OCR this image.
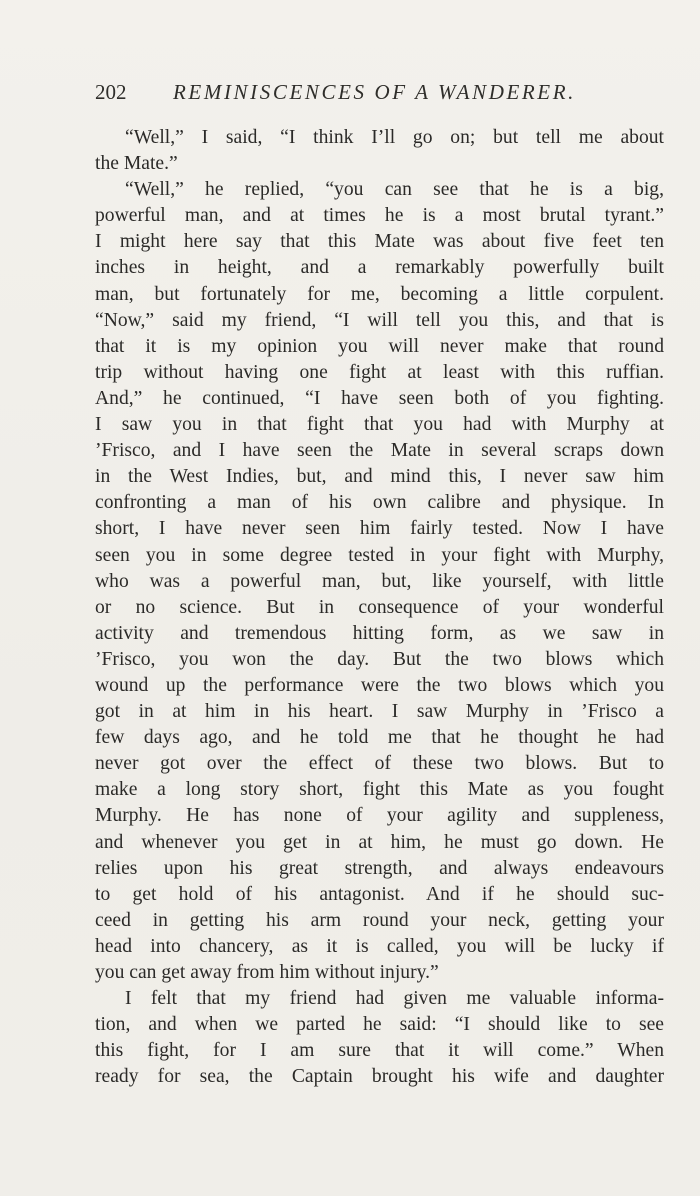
202 REMINISCENCES OF A WANDERER.
“Well,” I said, “I think I’ll go on; but tell me about
the Mate.”
“Well,” he replied, “you can see that he is a big,
powerful man, and at times he is a most brutal tyrant.”
I might here say that this Mate was about five feet ten
inches in height, and a remarkably powerfully built
man, but fortunately for me, becoming a little corpulent.
“Now,” said my friend, “I will tell you this, and that is
that it is my opinion you will never make that round
trip without having one fight at least with this ruffian.
And,” he continued, “I have seen both of you fighting.
I saw you in that fight that you had with Murphy at
’Frisco, and I have seen the Mate in several scraps down
in the West Indies, but, and mind this, I never saw him
confronting a man of his own calibre and physique. In
short, I have never seen him fairly tested. Now I have
seen you in some degree tested in your fight with Murphy,
who was a powerful man, but, like yourself, with little
or no science. But in consequence of your wonderful
activity and tremendous hitting form, as we saw in
’Frisco, you won the day. But the two blows which
wound up the performance were the two blows which you
got in at him in his heart. I saw Murphy in ’Frisco a
few days ago, and he told me that he thought he had
never got over the effect of these two blows. But to
make a long story short, fight this Mate as you fought
Murphy. He has none of your agility and suppleness,
and whenever you get in at him, he must go down. He
relies upon his great strength, and always endeavours
to get hold of his antagonist. And if he should suc-
ceed in getting his arm round your neck, getting your
head into chancery, as it is called, you will be lucky if
you can get away from him without injury.”
I felt that my friend had given me valuable informa-
tion, and when we parted he said: “I should like to see
this fight, for I am sure that it will come.” When
ready for sea, the Captain brought his wife and daughter
